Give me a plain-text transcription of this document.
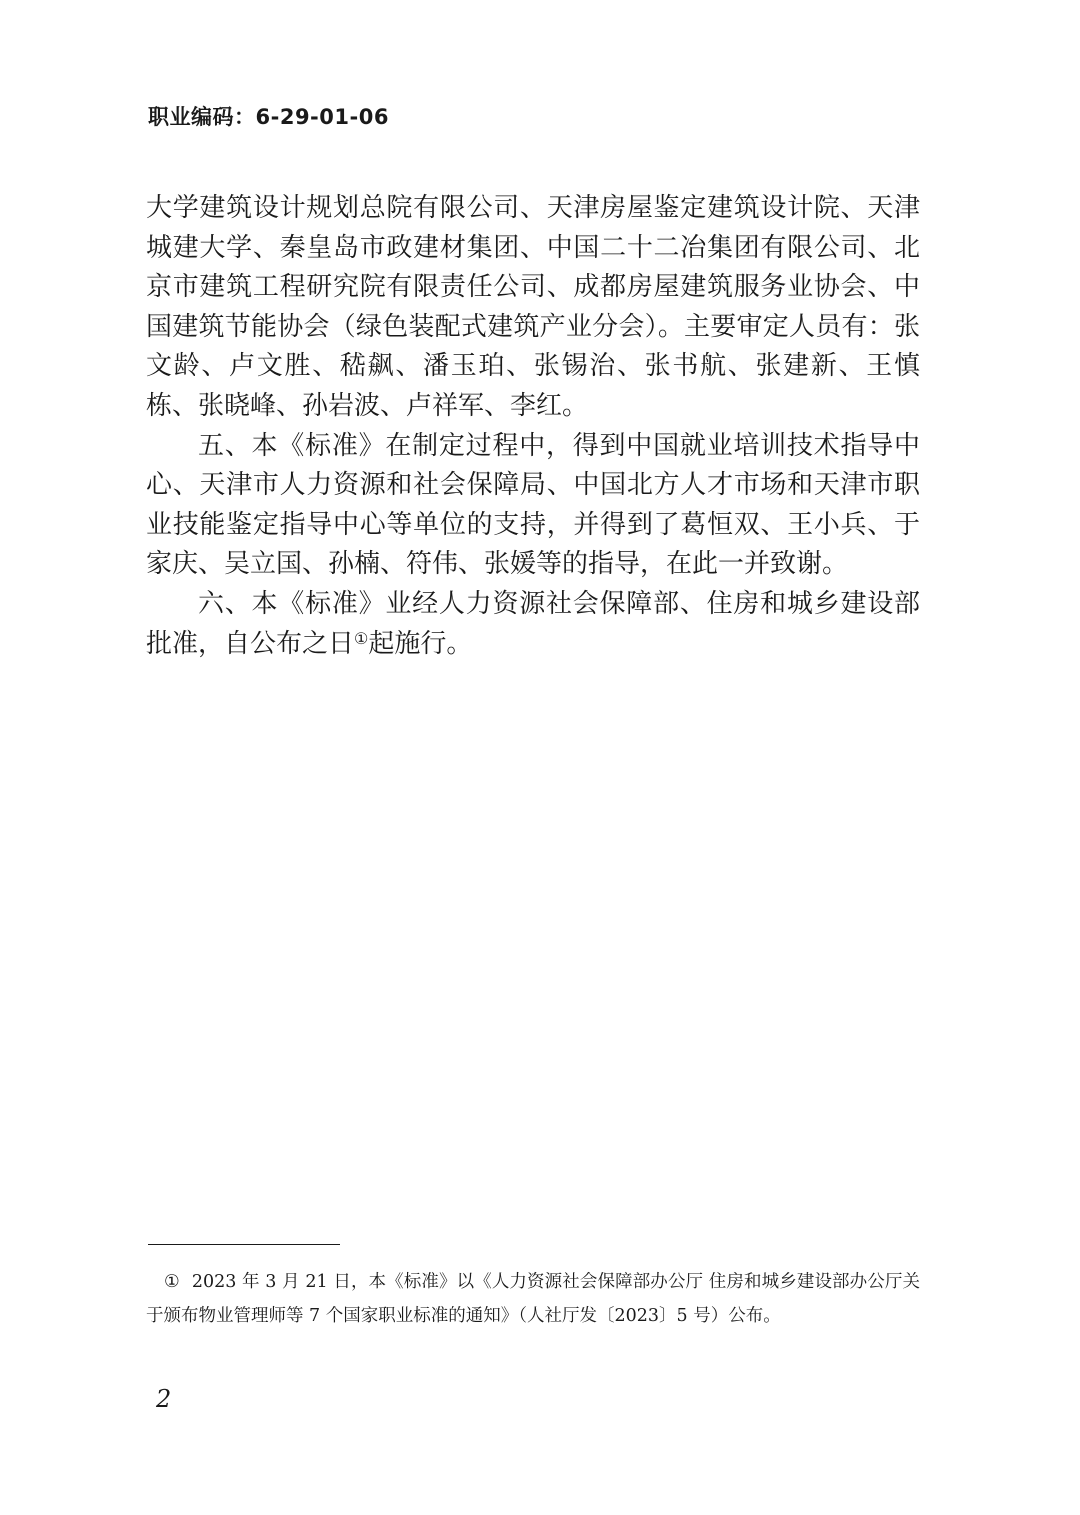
职业编码：6-29-01-06

大学建筑设计规划总院有限公司、天津房屋鉴定建筑设计院、天津城建大学、秦皇岛市政建材集团、中国二十二冶集团有限公司、北京市建筑工程研究院有限责任公司、成都房屋建筑服务业协会、中国建筑节能协会（绿色装配式建筑产业分会）。主要审定人员有：张文龄、卢文胜、嵇飙、潘玉珀、张锡治、张书航、张建新、王慎栋、张晓峰、孙岩波、卢祥军、李红。

五、本《标准》在制定过程中，得到中国就业培训技术指导中心、天津市人力资源和社会保障局、中国北方人才市场和天津市职业技能鉴定指导中心等单位的支持，并得到了葛恒双、王小兵、于家庆、吴立国、孙楠、符伟、张媛等的指导，在此一并致谢。

六、本《标准》业经人力资源社会保障部、住房和城乡建设部批准，自公布之日①起施行。

① 2023 年 3 月 21 日，本《标准》以《人力资源社会保障部办公厅 住房和城乡建设部办公厅关于颁布物业管理师等 7 个国家职业标准的通知》（人社厅发〔2023〕5 号）公布。

2
